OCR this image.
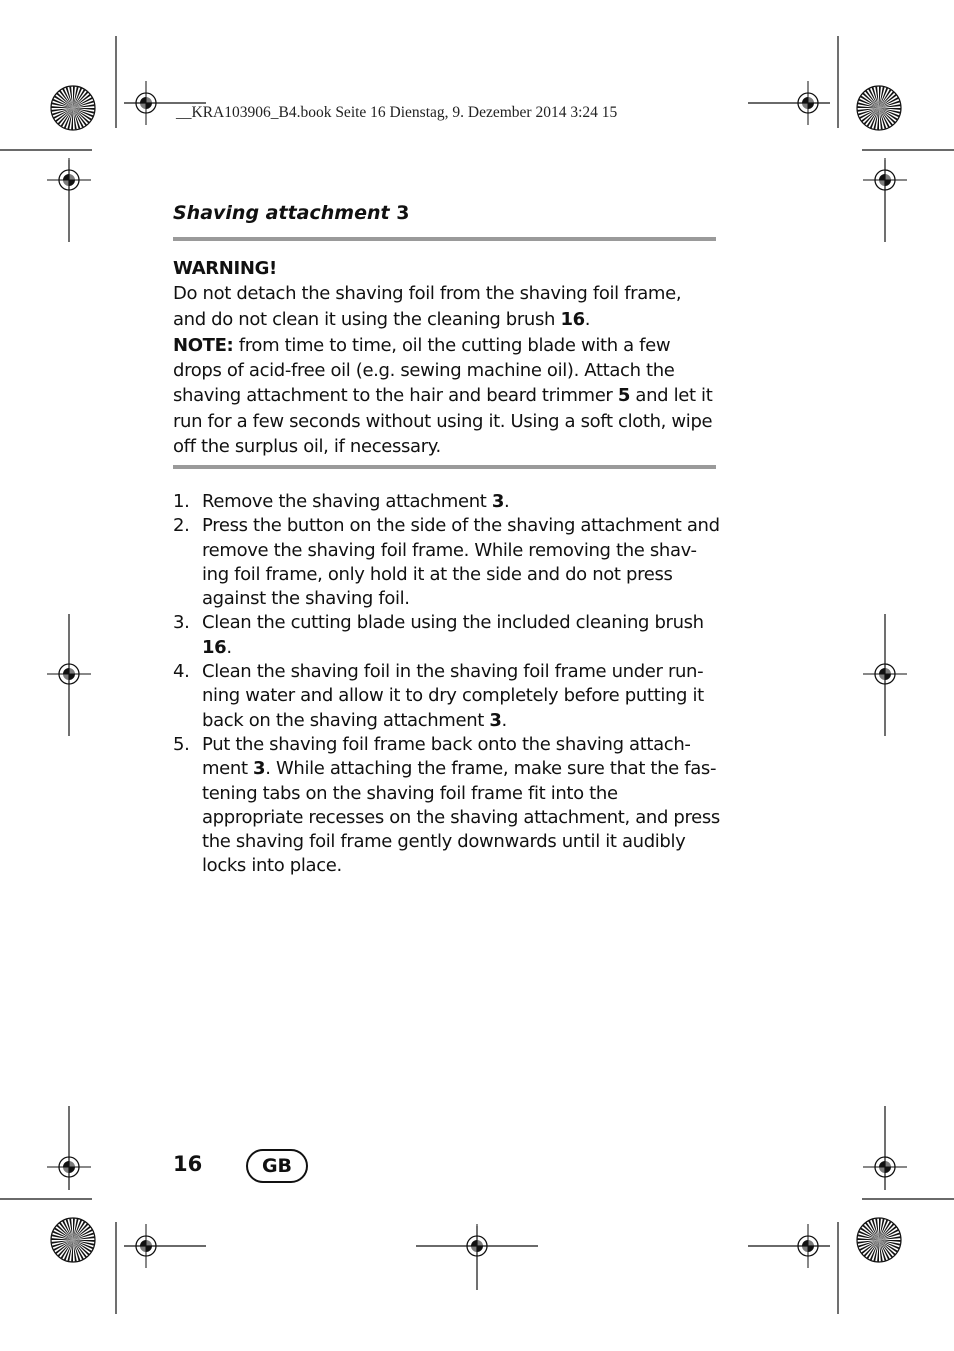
__KRA103906_B4.book Seite 16 Dienstag, 9. Dezember 2014 3:24 15
Shaving attachment 3
WARNING!
Do not detach the shaving foil from the shaving foil frame, and do not clean it using the cleaning brush 16.
NOTE: from time to time, oil the cutting blade with a few drops of acid-free oil (e.g. sewing machine oil). Attach the shaving attachment to the hair and beard trimmer 5 and let it run for a few seconds without using it. Using a soft cloth, wipe off the surplus oil, if necessary.
1. Remove the shaving attachment 3.
2. Press the button on the side of the shaving attachment and remove the shaving foil frame. While removing the shav-ing foil frame, only hold it at the side and do not press against the shaving foil.
3. Clean the cutting blade using the included cleaning brush 16.
4. Clean the shaving foil in the shaving foil frame under run-ning water and allow it to dry completely before putting it back on the shaving attachment 3.
5. Put the shaving foil frame back onto the shaving attach-ment 3. While attaching the frame, make sure that the fas-tening tabs on the shaving foil frame fit into the appropriate recesses on the shaving attachment, and press the shaving foil frame gently downwards until it audibly locks into place.
16	GB
